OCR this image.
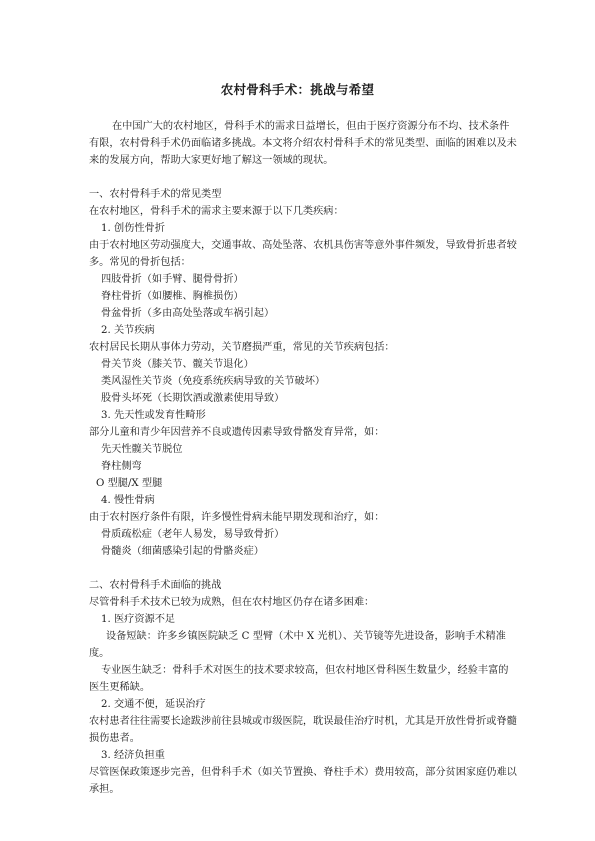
农村骨科手术：挑战与希望

在中国广大的农村地区，骨科手术的需求日益增长，但由于医疗资源分布不均、技术条件有限，农村骨科手术仍面临诸多挑战。本文将介绍农村骨科手术的常见类型、面临的困难以及未来的发展方向，帮助大家更好地了解这一领域的现状。

一、农村骨科手术的常见类型

在农村地区，骨科手术的需求主要来源于以下几类疾病：

1. 创伤性骨折

由于农村地区劳动强度大，交通事故、高处坠落、农机具伤害等意外事件频发，导致骨折患者较多。常见的骨折包括：

四肢骨折（如手臂、腿骨骨折）

脊柱骨折（如腰椎、胸椎损伤）

骨盆骨折（多由高处坠落或车祸引起）

2. 关节疾病

农村居民长期从事体力劳动，关节磨损严重，常见的关节疾病包括：

骨关节炎（膝关节、髋关节退化）

类风湿性关节炎（免疫系统疾病导致的关节破坏）

股骨头坏死（长期饮酒或激素使用导致）

3. 先天性或发育性畸形

部分儿童和青少年因营养不良或遗传因素导致骨骼发育异常，如：

先天性髋关节脱位

脊柱侧弯

O 型腿/X 型腿

4. 慢性骨病

由于农村医疗条件有限，许多慢性骨病未能早期发现和治疗，如：

骨质疏松症（老年人易发，易导致骨折）

骨髓炎（细菌感染引起的骨骼炎症）

二、农村骨科手术面临的挑战

尽管骨科手术技术已较为成熟，但在农村地区仍存在诸多困难：

1. 医疗资源不足

设备短缺：许多乡镇医院缺乏 C 型臂（术中 X 光机）、关节镜等先进设备，影响手术精准度。

专业医生缺乏：骨科手术对医生的技术要求较高，但农村地区骨科医生数量少，经验丰富的医生更稀缺。

2. 交通不便，延误治疗

农村患者往往需要长途跋涉前往县城或市级医院，耽误最佳治疗时机，尤其是开放性骨折或脊髓损伤患者。

3. 经济负担重

尽管医保政策逐步完善，但骨科手术（如关节置换、脊柱手术）费用较高，部分贫困家庭仍难以承担。
